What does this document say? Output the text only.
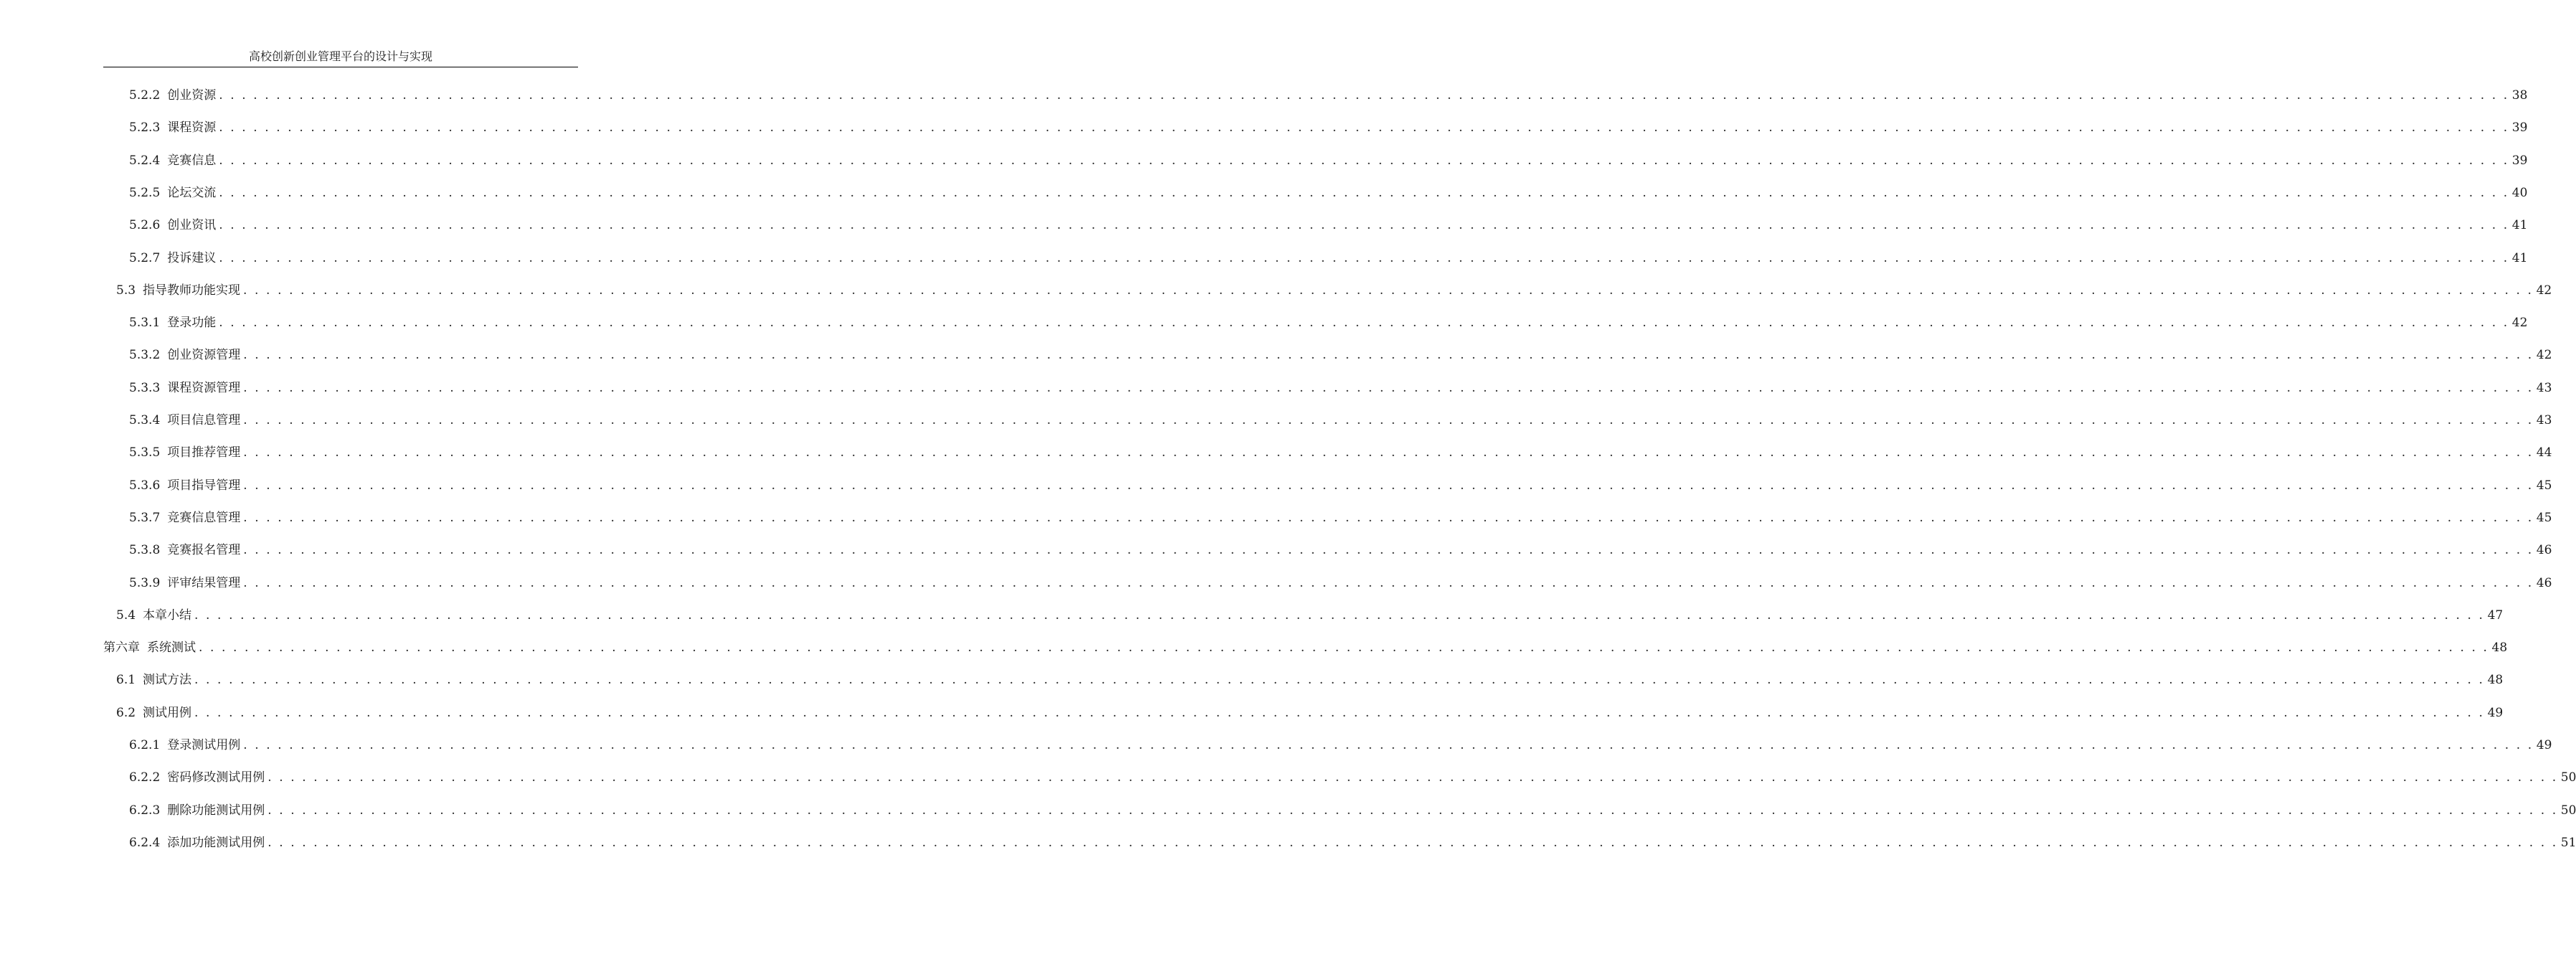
高校创新创业管理平台的设计与实现
5.2.2 创业资源 . . . . . . . . . . . . . . . . . . . . . . . . . . . . . . . . . . . . . . . . . . . . . . . . . . . . . . . . . . . . . . . . . . . . . . . . . . . . . . . . . . . . . . . . . . . . . . . . . . . . . . . . . . . . . . . . . . . . . . . . . . . . . . . . . . . . . . . . . . . . . . . . . . . . . . . . . . . . . . . . . . . . . . . . . . . . . . . . . . . . . . . . . . . . . . . . . . . . . . . . 38
5.2.3 课程资源 . . . . . . . . . . . . . . . . . . . . . . . . . . . . . . . . . . . . . . . . . . . . . . . . . . . . . . . . . . . . . . . . . . . . . . . . . . . . . . . . . . . . . . . . . . . . . . . . . . . . . . . . . . . . . . . . . . . . . . . . . . . . . . . . . . . . . . . . . . . . . . . . . . . . . . . . . . . . . . . . . . . . . . . . . . . . . . . . . . . . . . . . . . . . . . . . . . . . . . . . 39
5.2.4 竞赛信息 . . . . . . . . . . . . . . . . . . . . . . . . . . . . . . . . . . . . . . . . . . . . . . . . . . . . . . . . . . . . . . . . . . . . . . . . . . . . . . . . . . . . . . . . . . . . . . . . . . . . . . . . . . . . . . . . . . . . . . . . . . . . . . . . . . . . . . . . . . . . . . . . . . . . . . . . . . . . . . . . . . . . . . . . . . . . . . . . . . . . . . . . . . . . . . . . . . . . . . . . 39
5.2.5 论坛交流 . . . . . . . . . . . . . . . . . . . . . . . . . . . . . . . . . . . . . . . . . . . . . . . . . . . . . . . . . . . . . . . . . . . . . . . . . . . . . . . . . . . . . . . . . . . . . . . . . . . . . . . . . . . . . . . . . . . . . . . . . . . . . . . . . . . . . . . . . . . . . . . . . . . . . . . . . . . . . . . . . . . . . . . . . . . . . . . . . . . . . . . . . . . . . . . . . . . . . . . . 40
5.2.6 创业资讯 . . . . . . . . . . . . . . . . . . . . . . . . . . . . . . . . . . . . . . . . . . . . . . . . . . . . . . . . . . . . . . . . . . . . . . . . . . . . . . . . . . . . . . . . . . . . . . . . . . . . . . . . . . . . . . . . . . . . . . . . . . . . . . . . . . . . . . . . . . . . . . . . . . . . . . . . . . . . . . . . . . . . . . . . . . . . . . . . . . . . . . . . . . . . . . . . . . . . . . . . 41
5.2.7 投诉建议 . . . . . . . . . . . . . . . . . . . . . . . . . . . . . . . . . . . . . . . . . . . . . . . . . . . . . . . . . . . . . . . . . . . . . . . . . . . . . . . . . . . . . . . . . . . . . . . . . . . . . . . . . . . . . . . . . . . . . . . . . . . . . . . . . . . . . . . . . . . . . . . . . . . . . . . . . . . . . . . . . . . . . . . . . . . . . . . . . . . . . . . . . . . . . . . . . . . . . . . . 41
5.3 指导教师功能实现 . . . . . . . . . . . . . . . . . . . . . . . . . . . . . . . . . . . . . . . . . . . . . . . . . . . . . . . . . . . . . . . . . . . . . . . . . . . . . . . . . . . . . . . . . . . . . . . . . . . . . . . . . . . . . . . . . . . . . . . . . . . . . . . . . . . . . . . . . . . . . . . . . . . . . . . . . . . . . . . . . . . . . . . . . . . . . . . . . . . . . . . . . . . . . . . . . . . . . . . . 42
5.3.1 登录功能 . . . . . . . . . . . . . . . . . . . . . . . . . . . . . . . . . . . . . . . . . . . . . . . . . . . . . . . . . . . . . . . . . . . . . . . . . . . . . . . . . . . . . . . . . . . . . . . . . . . . . . . . . . . . . . . . . . . . . . . . . . . . . . . . . . . . . . . . . . . . . . . . . . . . . . . . . . . . . . . . . . . . . . . . . . . . . . . . . . . . . . . . . . . . . . . . . . . . . . . . 42
5.3.2 创业资源管理 . . . . . . . . . . . . . . . . . . . . . . . . . . . . . . . . . . . . . . . . . . . . . . . . . . . . . . . . . . . . . . . . . . . . . . . . . . . . . . . . . . . . . . . . . . . . . . . . . . . . . . . . . . . . . . . . . . . . . . . . . . . . . . . . . . . . . . . . . . . . . . . . . . . . . . . . . . . . . . . . . . . . . . . . . . . . . . . . . . . . . . . . . . . . . . . . . . . . . . . . 42
5.3.3 课程资源管理 . . . . . . . . . . . . . . . . . . . . . . . . . . . . . . . . . . . . . . . . . . . . . . . . . . . . . . . . . . . . . . . . . . . . . . . . . . . . . . . . . . . . . . . . . . . . . . . . . . . . . . . . . . . . . . . . . . . . . . . . . . . . . . . . . . . . . . . . . . . . . . . . . . . . . . . . . . . . . . . . . . . . . . . . . . . . . . . . . . . . . . . . . . . . . . . . . . . . . . . . 43
5.3.4 项目信息管理 . . . . . . . . . . . . . . . . . . . . . . . . . . . . . . . . . . . . . . . . . . . . . . . . . . . . . . . . . . . . . . . . . . . . . . . . . . . . . . . . . . . . . . . . . . . . . . . . . . . . . . . . . . . . . . . . . . . . . . . . . . . . . . . . . . . . . . . . . . . . . . . . . . . . . . . . . . . . . . . . . . . . . . . . . . . . . . . . . . . . . . . . . . . . . . . . . . . . . . . . 43
5.3.5 项目推荐管理 . . . . . . . . . . . . . . . . . . . . . . . . . . . . . . . . . . . . . . . . . . . . . . . . . . . . . . . . . . . . . . . . . . . . . . . . . . . . . . . . . . . . . . . . . . . . . . . . . . . . . . . . . . . . . . . . . . . . . . . . . . . . . . . . . . . . . . . . . . . . . . . . . . . . . . . . . . . . . . . . . . . . . . . . . . . . . . . . . . . . . . . . . . . . . . . . . . . . . . . . 44
5.3.6 项目指导管理 . . . . . . . . . . . . . . . . . . . . . . . . . . . . . . . . . . . . . . . . . . . . . . . . . . . . . . . . . . . . . . . . . . . . . . . . . . . . . . . . . . . . . . . . . . . . . . . . . . . . . . . . . . . . . . . . . . . . . . . . . . . . . . . . . . . . . . . . . . . . . . . . . . . . . . . . . . . . . . . . . . . . . . . . . . . . . . . . . . . . . . . . . . . . . . . . . . . . . . . . 45
5.3.7 竞赛信息管理 . . . . . . . . . . . . . . . . . . . . . . . . . . . . . . . . . . . . . . . . . . . . . . . . . . . . . . . . . . . . . . . . . . . . . . . . . . . . . . . . . . . . . . . . . . . . . . . . . . . . . . . . . . . . . . . . . . . . . . . . . . . . . . . . . . . . . . . . . . . . . . . . . . . . . . . . . . . . . . . . . . . . . . . . . . . . . . . . . . . . . . . . . . . . . . . . . . . . . . . . 45
5.3.8 竞赛报名管理 . . . . . . . . . . . . . . . . . . . . . . . . . . . . . . . . . . . . . . . . . . . . . . . . . . . . . . . . . . . . . . . . . . . . . . . . . . . . . . . . . . . . . . . . . . . . . . . . . . . . . . . . . . . . . . . . . . . . . . . . . . . . . . . . . . . . . . . . . . . . . . . . . . . . . . . . . . . . . . . . . . . . . . . . . . . . . . . . . . . . . . . . . . . . . . . . . . . . . . . . 46
5.3.9 评审结果管理 . . . . . . . . . . . . . . . . . . . . . . . . . . . . . . . . . . . . . . . . . . . . . . . . . . . . . . . . . . . . . . . . . . . . . . . . . . . . . . . . . . . . . . . . . . . . . . . . . . . . . . . . . . . . . . . . . . . . . . . . . . . . . . . . . . . . . . . . . . . . . . . . . . . . . . . . . . . . . . . . . . . . . . . . . . . . . . . . . . . . . . . . . . . . . . . . . . . . . . . . 46
5.4 本章小结 . . . . . . . . . . . . . . . . . . . . . . . . . . . . . . . . . . . . . . . . . . . . . . . . . . . . . . . . . . . . . . . . . . . . . . . . . . . . . . . . . . . . . . . . . . . . . . . . . . . . . . . . . . . . . . . . . . . . . . . . . . . . . . . . . . . . . . . . . . . . . . . . . . . . . . . . . . . . . . . . . . . . . . . . . . . . . . . . . . . . . . . . . . . . . . . . . . . . . . . . 47
第六章 系统测试 . . . . . . . . . . . . . . . . . . . . . . . . . . . . . . . . . . . . . . . . . . . . . . . . . . . . . . . . . . . . . . . . . . . . . . . . . . . . . . . . . . . . . . . . . . . . . . . . . . . . . . . . . . . . . . . . . . . . . . . . . . . . . . . . . . . . . . . . . . . . . . . . . . . . . . . . . . . . . . . . . . . . . . . . . . . . . . . . . . . . . . . . . . . . . . . . . . . . . . . . 48
6.1 测试方法 . . . . . . . . . . . . . . . . . . . . . . . . . . . . . . . . . . . . . . . . . . . . . . . . . . . . . . . . . . . . . . . . . . . . . . . . . . . . . . . . . . . . . . . . . . . . . . . . . . . . . . . . . . . . . . . . . . . . . . . . . . . . . . . . . . . . . . . . . . . . . . . . . . . . . . . . . . . . . . . . . . . . . . . . . . . . . . . . . . . . . . . . . . . . . . . . . . . . . . . . 48
6.2 测试用例 . . . . . . . . . . . . . . . . . . . . . . . . . . . . . . . . . . . . . . . . . . . . . . . . . . . . . . . . . . . . . . . . . . . . . . . . . . . . . . . . . . . . . . . . . . . . . . . . . . . . . . . . . . . . . . . . . . . . . . . . . . . . . . . . . . . . . . . . . . . . . . . . . . . . . . . . . . . . . . . . . . . . . . . . . . . . . . . . . . . . . . . . . . . . . . . . . . . . . . . . 49
6.2.1 登录测试用例 . . . . . . . . . . . . . . . . . . . . . . . . . . . . . . . . . . . . . . . . . . . . . . . . . . . . . . . . . . . . . . . . . . . . . . . . . . . . . . . . . . . . . . . . . . . . . . . . . . . . . . . . . . . . . . . . . . . . . . . . . . . . . . . . . . . . . . . . . . . . . . . . . . . . . . . . . . . . . . . . . . . . . . . . . . . . . . . . . . . . . . . . . . . . . . . . . . . . . . . . 49
6.2.2 密码修改测试用例 . . . . . . . . . . . . . . . . . . . . . . . . . . . . . . . . . . . . . . . . . . . . . . . . . . . . . . . . . . . . . . . . . . . . . . . . . . . . . . . . . . . . . . . . . . . . . . . . . . . . . . . . . . . . . . . . . . . . . . . . . . . . . . . . . . . . . . . . . . . . . . . . . . . . . . . . . . . . . . . . . . . . . . . . . . . . . . . . . . . . . . . . . . . . . . . . . . . . . . . . 50
6.2.3 删除功能测试用例 . . . . . . . . . . . . . . . . . . . . . . . . . . . . . . . . . . . . . . . . . . . . . . . . . . . . . . . . . . . . . . . . . . . . . . . . . . . . . . . . . . . . . . . . . . . . . . . . . . . . . . . . . . . . . . . . . . . . . . . . . . . . . . . . . . . . . . . . . . . . . . . . . . . . . . . . . . . . . . . . . . . . . . . . . . . . . . . . . . . . . . . . . . . . . . . . . . . . . . . . 50
6.2.4 添加功能测试用例 . . . . . . . . . . . . . . . . . . . . . . . . . . . . . . . . . . . . . . . . . . . . . . . . . . . . . . . . . . . . . . . . . . . . . . . . . . . . . . . . . . . . . . . . . . . . . . . . . . . . . . . . . . . . . . . . . . . . . . . . . . . . . . . . . . . . . . . . . . . . . . . . . . . . . . . . . . . . . . . . . . . . . . . . . . . . . . . . . . . . . . . . . . . . . . . . . . . . . . . . 51
